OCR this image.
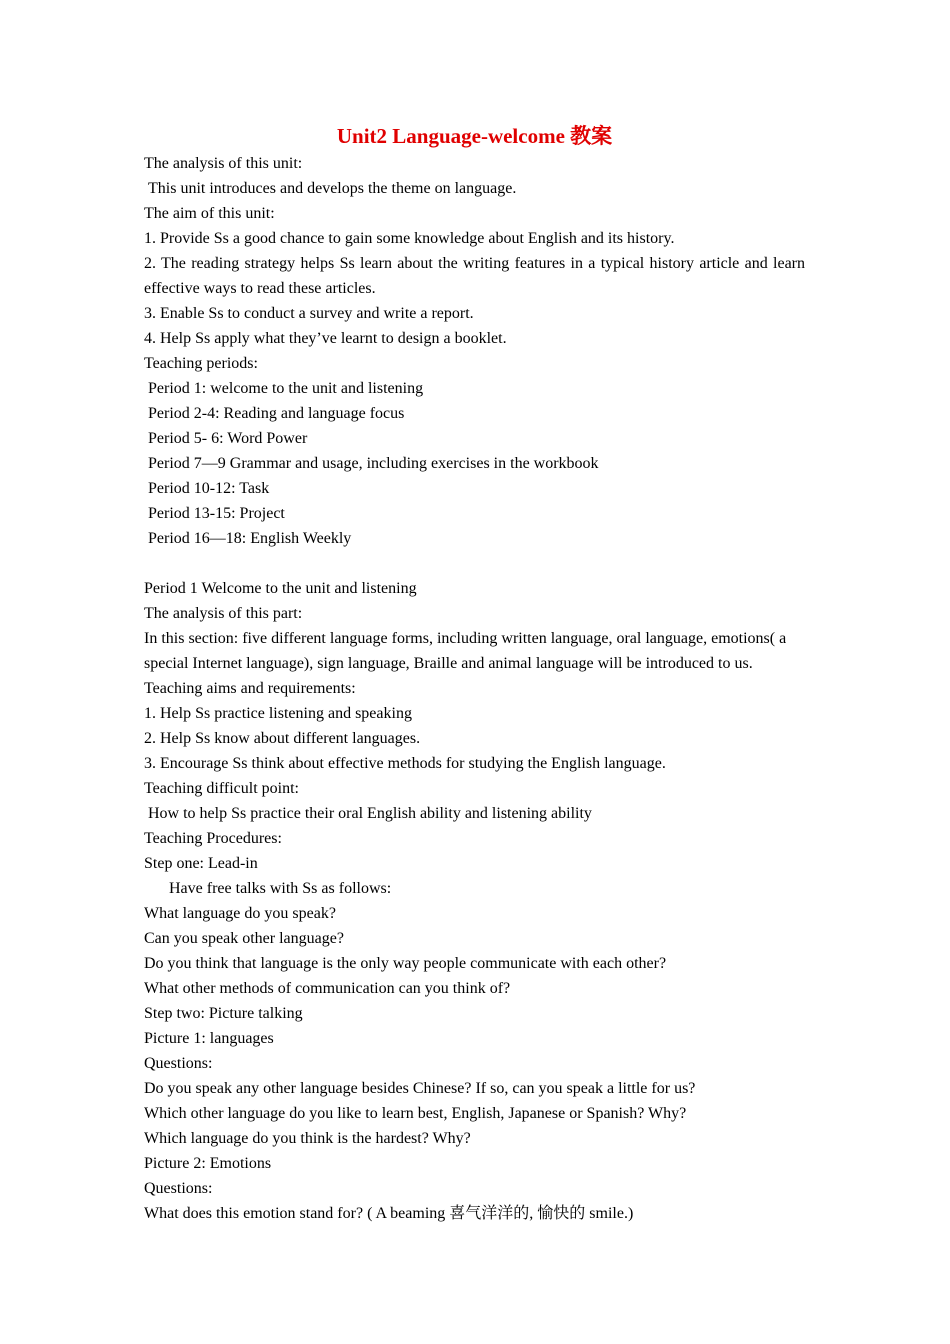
Unit2 Language-welcome 教案

The analysis of this unit:

This unit introduces and develops the theme on language.

The aim of this unit:

1. Provide Ss a good chance to gain some knowledge about English and its history.

2. The reading strategy helps Ss learn about the writing features in a typical history article and learn effective ways to read these articles.

3. Enable Ss to conduct a survey and write a report.

4. Help Ss apply what they’ve learnt to design a booklet.

Teaching periods:

Period 1: welcome to the unit and listening

Period 2-4: Reading and language focus

Period 5- 6: Word Power

Period 7—9 Grammar and usage, including exercises in the workbook

Period 10-12: Task

Period 13-15: Project

Period 16—18: English Weekly

Period 1 Welcome to the unit and listening

The analysis of this part:

In this section: five different language forms, including written language, oral language, emotions( a special Internet language), sign language, Braille and animal language will be introduced to us.

Teaching aims and requirements:

1. Help Ss practice listening and speaking

2. Help Ss know about different languages.

3. Encourage Ss think about effective methods for studying the English language.

Teaching difficult point:

How to help Ss practice their oral English ability and listening ability

Teaching Procedures:

Step one: Lead-in

Have free talks with Ss as follows:

What language do you speak?

Can you speak other language?

Do you think that language is the only way people communicate with each other?

What other methods of communication can you think of?

Step two: Picture talking

Picture 1: languages

Questions:

Do you speak any other language besides Chinese? If so, can you speak a little for us?

Which other language do you like to learn best, English, Japanese or Spanish? Why?

Which language do you think is the hardest? Why?

Picture 2: Emotions

Questions:

What does this emotion stand for? ( A beaming 喜气洋洋的, 愉快的 smile.)
